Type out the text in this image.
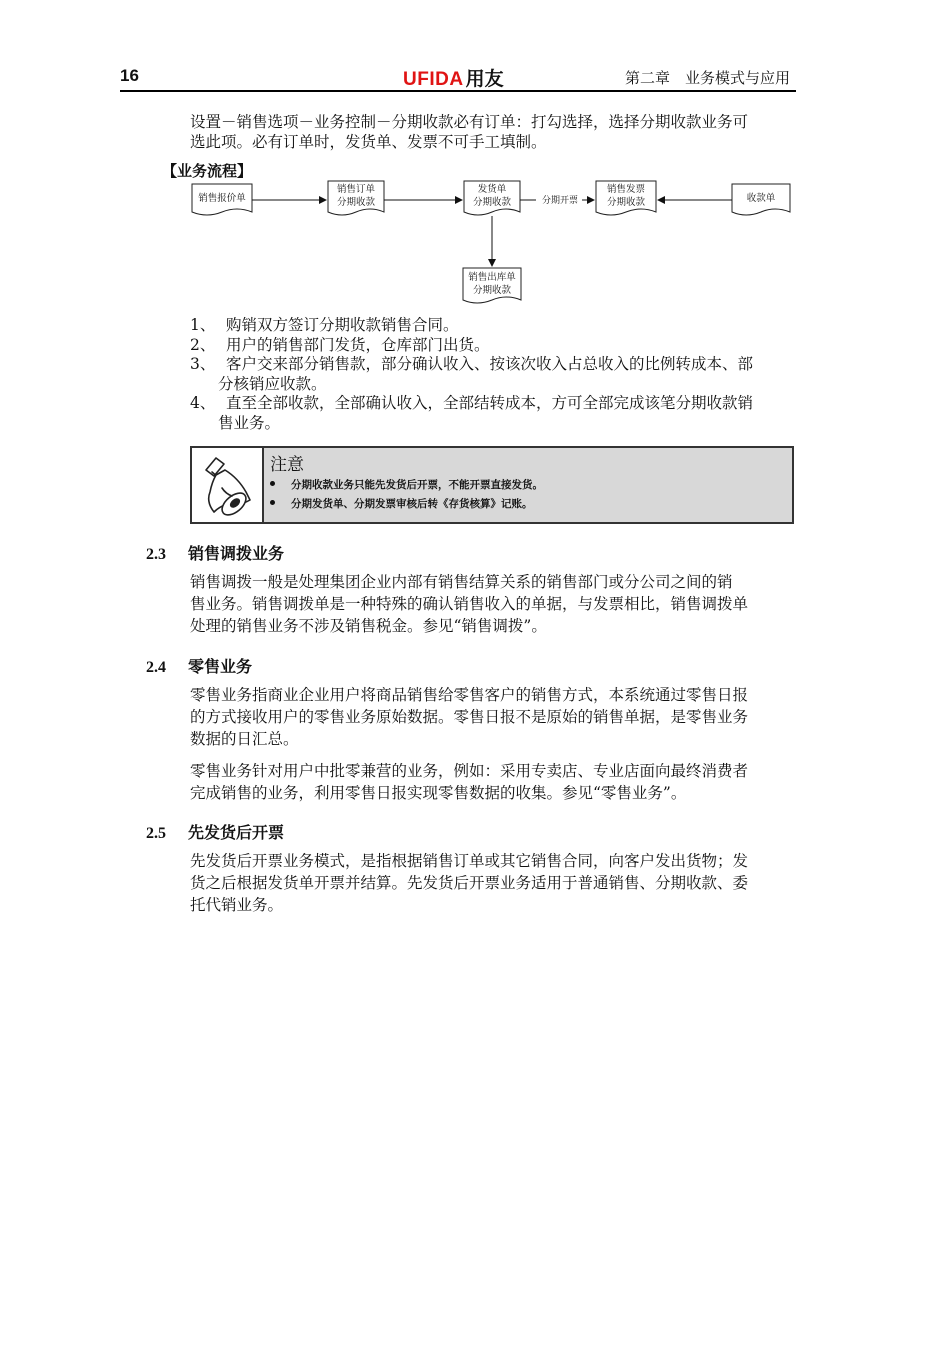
16	UFIDA 用友	第二章　业务模式与应用
设置－销售选项－业务控制－分期收款必有订单：打勾选择，选择分期收款业务可
选此项。必有订单时，发货单、发票不可手工填制。
【业务流程】
销售报价单
销售订单
分期收款
发货单
分期收款
销售发票
分期收款	收款单
销售出库单
分期收款
分期开票
1、 购销双方签订分期收款销售合同。
2、 用户的销售部门发货，仓库部门出货。
3、 客户交来部分销售款，部分确认收入、按该次收入占总收入的比例转成本、部
分核销应收款。
4、 直至全部收款，全部确认收入，全部结转成本，方可全部完成该笔分期收款销
售业务。
注意
分期收款业务只能先发货后开票，不能开票直接发货。
分期发货单、分期发票审核后转《存货核算》记账。
2.3 销售调拨业务
销售调拨一般是处理集团企业内部有销售结算关系的销售部门或分公司之间的销
售业务。销售调拨单是一种特殊的确认销售收入的单据，与发票相比，销售调拨单
处理的销售业务不涉及销售税金。参见“销售调拨”。
2.4 零售业务
零售业务指商业企业用户将商品销售给零售客户的销售方式，本系统通过零售日报
的方式接收用户的零售业务原始数据。零售日报不是原始的销售单据，是零售业务
数据的日汇总。
零售业务针对用户中批零兼营的业务，例如：采用专卖店、专业店面向最终消费者
完成销售的业务，利用零售日报实现零售数据的收集。参见“零售业务”。
2.5 先发货后开票
先发货后开票业务模式，是指根据销售订单或其它销售合同，向客户发出货物；发
货之后根据发货单开票并结算。先发货后开票业务适用于普通销售、分期收款、委
托代销业务。
